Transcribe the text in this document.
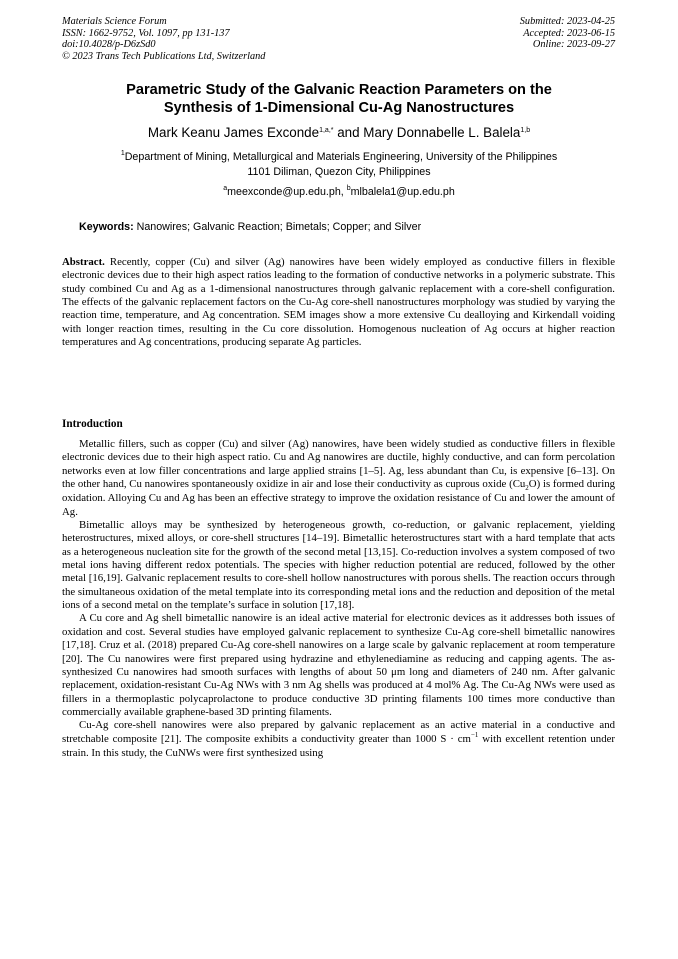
Materials Science Forum
ISSN: 1662-9752, Vol. 1097, pp 131-137
doi:10.4028/p-D6zSd0
© 2023 Trans Tech Publications Ltd, Switzerland
Submitted: 2023-04-25
Accepted: 2023-06-15
Online: 2023-09-27
Parametric Study of the Galvanic Reaction Parameters on the
Synthesis of 1-Dimensional Cu-Ag Nanostructures
Mark Keanu James Exconde$^{1,a,*}$ and Mary Donnabelle L. Balela$^{1,b}$
$^1$Department of Mining, Metallurgical and Materials Engineering, University of the Philippines
1101 Diliman, Quezon City, Philippines
$^a$meexconde@up.edu.ph, $^b$mlbalela1@up.edu.ph
Keywords: Nanowires; Galvanic Reaction; Bimetals; Copper; and Silver
Abstract. Recently, copper (Cu) and silver (Ag) nanowires have been widely employed as conductive fillers in flexible electronic devices due to their high aspect ratios leading to the formation of conductive networks in a polymeric substrate. This study combined Cu and Ag as a 1-dimensional nanostructures through galvanic replacement with a core-shell configuration. The effects of the galvanic replacement factors on the Cu-Ag core-shell nanostructures morphology was studied by varying the reaction time, temperature, and Ag concentration. SEM images show a more extensive Cu dealloying and Kirkendall voiding with longer reaction times, resulting in the Cu core dissolution. Homogenous nucleation of Ag occurs at higher reaction temperatures and Ag concentrations, producing separate Ag particles.
Introduction

Metallic fillers, such as copper (Cu) and silver (Ag) nanowires, have been widely studied as conductive fillers in flexible electronic devices due to their high aspect ratio. Cu and Ag nanowires are ductile, highly conductive, and can form percolation networks even at low filler concentrations and large applied strains [1–5]. Ag, less abundant than Cu, is expensive [6–13]. On the other hand, Cu nanowires spontaneously oxidize in air and lose their conductivity as cuprous oxide $(Cu_2O)$ is formed during oxidation. Alloying Cu and Ag has been an effective strategy to improve the oxidation resistance of Cu and lower the amount of Ag.

Bimetallic alloys may be synthesized by heterogeneous growth, co-reduction, or galvanic replacement, yielding heterostructures, mixed alloys, or core-shell structures [14–19]. Bimetallic heterostructures start with a hard template that acts as a heterogeneous nucleation site for the growth of the second metal [13,15]. Co-reduction involves a system composed of two metal ions having different redox potentials. The species with higher reduction potential are reduced, followed by the other metal [16,19]. Galvanic replacement results to core-shell hollow nanostructures with porous shells. The reaction occurs through the simultaneous oxidation of the metal template into its corresponding metal ions and the reduction and deposition of the metal ions of a second metal on the template’s surface in solution [17,18].

A Cu core and Ag shell bimetallic nanowire is an ideal active material for electronic devices as it addresses both issues of oxidation and cost. Several studies have employed galvanic replacement to synthesize Cu-Ag core-shell bimetallic nanowires [17,18]. Cruz et al. (2018) prepared Cu-Ag core-shell nanowires on a large scale by galvanic replacement at room temperature [20]. The Cu nanowires were first prepared using hydrazine and ethylenediamine as reducing and capping agents. The as-synthesized Cu nanowires had smooth surfaces with lengths of about 50 μm long and diameters of 240 nm. After galvanic replacement, oxidation-resistant Cu-Ag NWs with 3 nm Ag shells was produced at 4 mol% Ag. The Cu-Ag NWs were used as fillers in a thermoplastic polycaprolactone to produce conductive 3D printing filaments 100 times more conductive than commercially available graphene-based 3D printing filaments.

Cu-Ag core-shell nanowires were also prepared by galvanic replacement as an active material in a conductive and stretchable composite [21]. The composite exhibits a conductivity greater than 1000 $S \cdot cm^{-1}$ with excellent retention under strain. In this study, the CuNWs were first synthesized using
